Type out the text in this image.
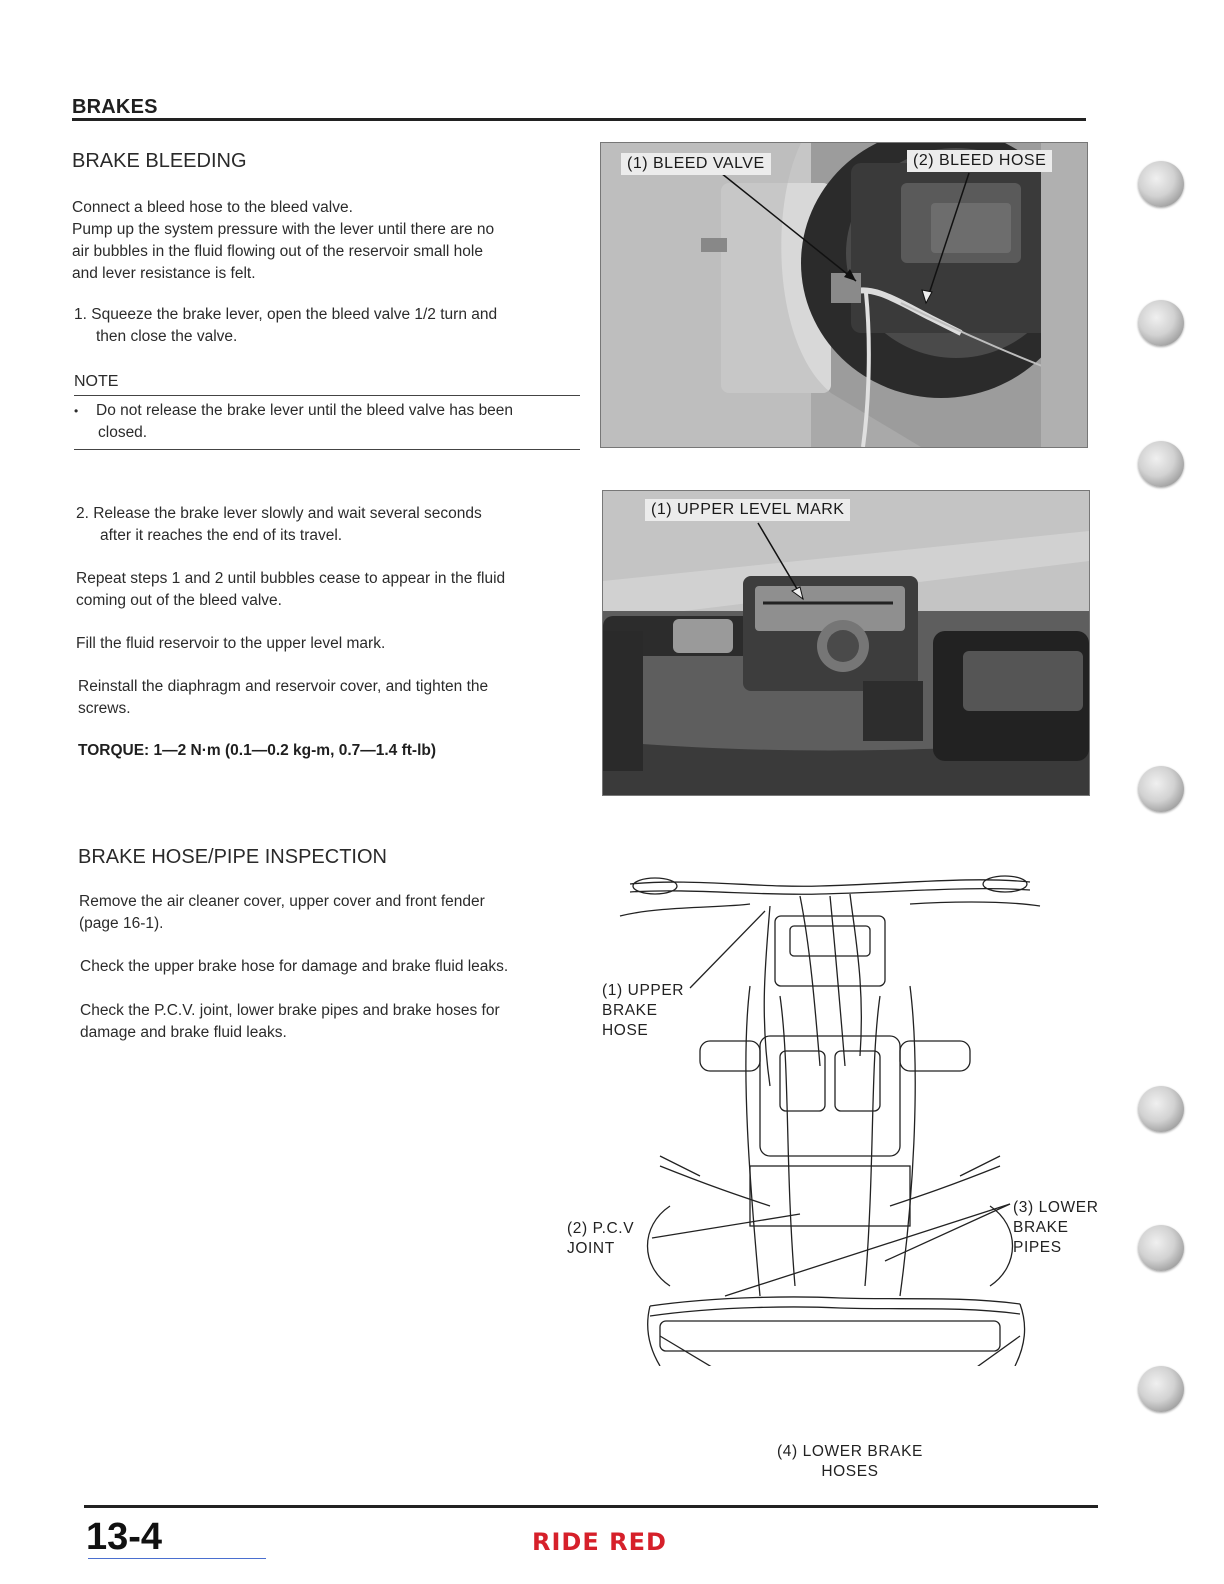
BRAKES
BRAKE BLEEDING
Connect a bleed hose to the bleed valve.
Pump up the system pressure with the lever until there are no
air bubbles in the fluid flowing out of the reservoir small hole
and lever resistance is felt.
1. Squeeze the brake lever, open the bleed valve 1/2 turn and
then close the valve.
NOTE
• Do not release the brake lever until the bleed valve has been
closed.
2. Release the brake lever slowly and wait several seconds
after it reaches the end of its travel.
Repeat steps 1 and 2 until bubbles cease to appear in the fluid
coming out of the bleed valve.
Fill the fluid reservoir to the upper level mark.
Reinstall the diaphragm and reservoir cover, and tighten the
screws.
TORQUE: 1—2 N·m (0.1—0.2 kg-m, 0.7—1.4 ft-lb)
BRAKE HOSE/PIPE INSPECTION
Remove the air cleaner cover, upper cover and front fender
(page 16-1).
Check the upper brake hose for damage and brake fluid leaks.
Check the P.C.V. joint, lower brake pipes and brake hoses for
damage and brake fluid leaks.
(1) BLEED VALVE	(2) BLEED HOSE
(1) UPPER LEVEL MARK
(1) UPPER
BRAKE
HOSE
(2) P.C.V
JOINT
(3) LOWER
BRAKE
PIPES
(4) LOWER BRAKE
HOSES
13-4	RIDE RED
